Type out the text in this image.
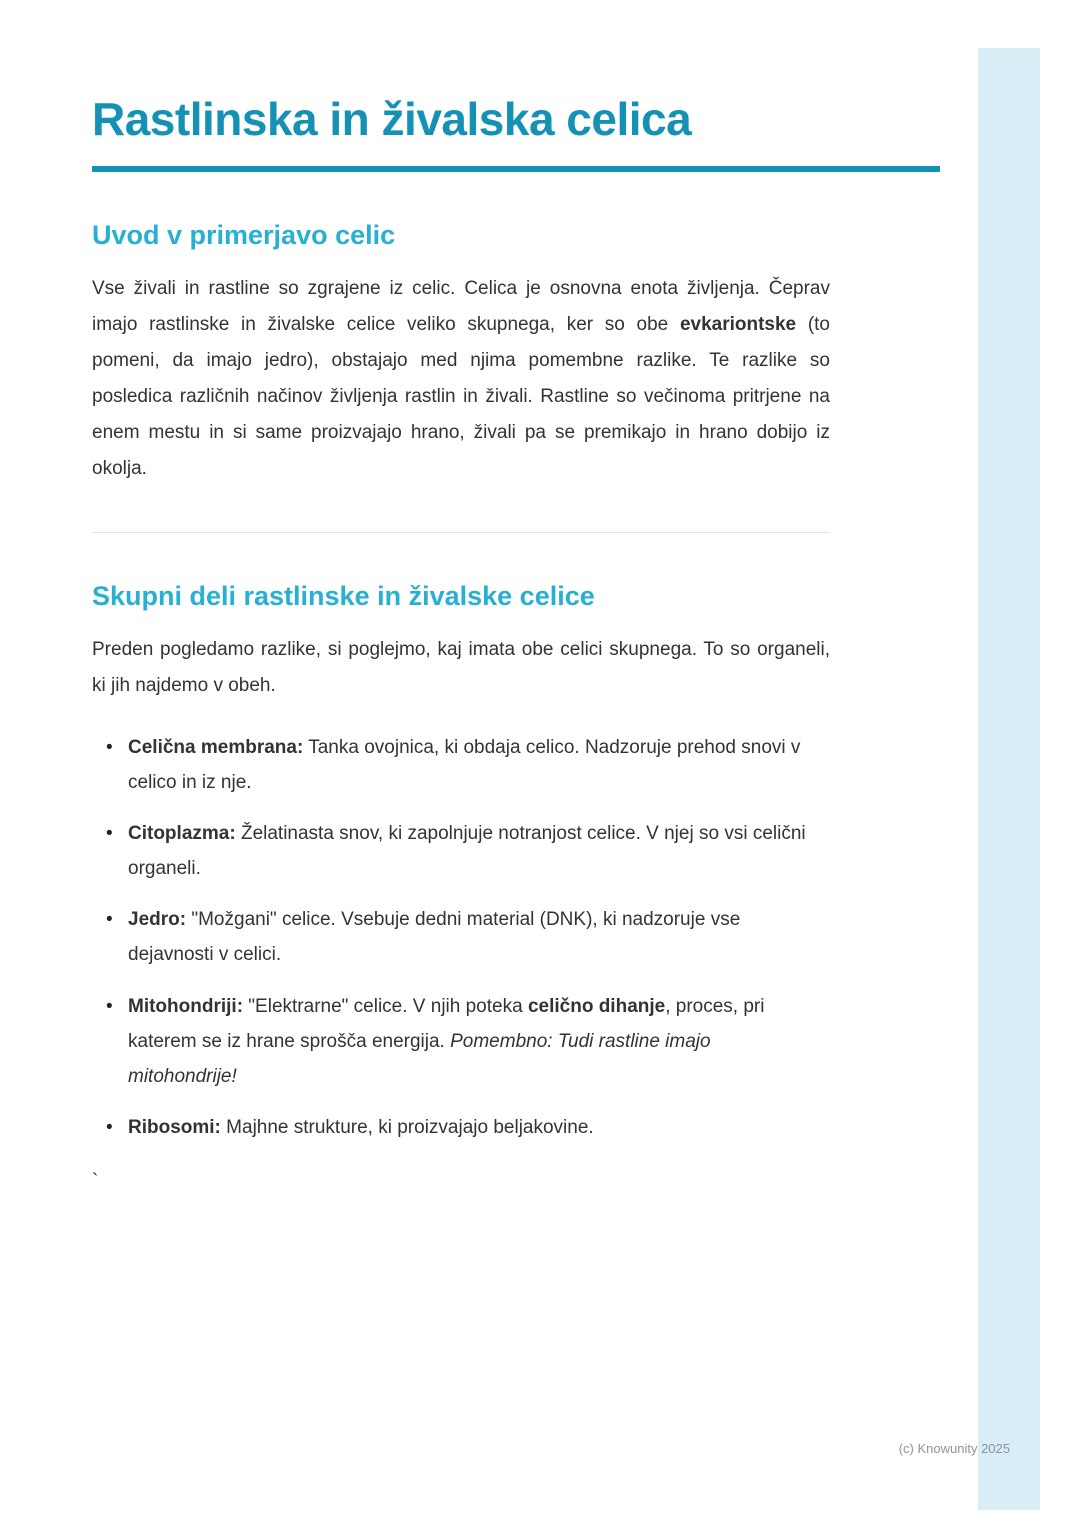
Rastlinska in živalska celica
Uvod v primerjavo celic

Vse živali in rastline so zgrajene iz celic. Celica je osnovna enota življenja. Čeprav imajo rastlinske in živalske celice veliko skupnega, ker so obe evkariontske (to pomeni, da imajo jedro), obstajajo med njima pomembne razlike. Te razlike so posledica različnih načinov življenja rastlin in živali. Rastline so večinoma pritrjene na enem mestu in si same proizvajajo hrano, živali pa se premikajo in hrano dobijo iz okolja.

Skupni deli rastlinske in živalske celice

Preden pogledamo razlike, si poglejmo, kaj imata obe celici skupnega. To so organeli, ki jih najdemo v obeh.

• Celična membrana: Tanka ovojnica, ki obdaja celico. Nadzoruje prehod snovi v celico in iz nje.
• Citoplazma: Želatinasta snov, ki zapolnjuje notranjost celice. V njej so vsi celični organeli.
• Jedro: "Možgani" celice. Vsebuje dedni material (DNK), ki nadzoruje vse dejavnosti v celici.
• Mitohondriji: "Elektrarne" celice. V njih poteka celično dihanje, proces, pri katerem se iz hrane sprošča energija. Pomembno: Tudi rastline imajo mitohondrije!
• Ribosomi: Majhne strukture, ki proizvajajo beljakovine.
`
(c) Knowunity 2025
